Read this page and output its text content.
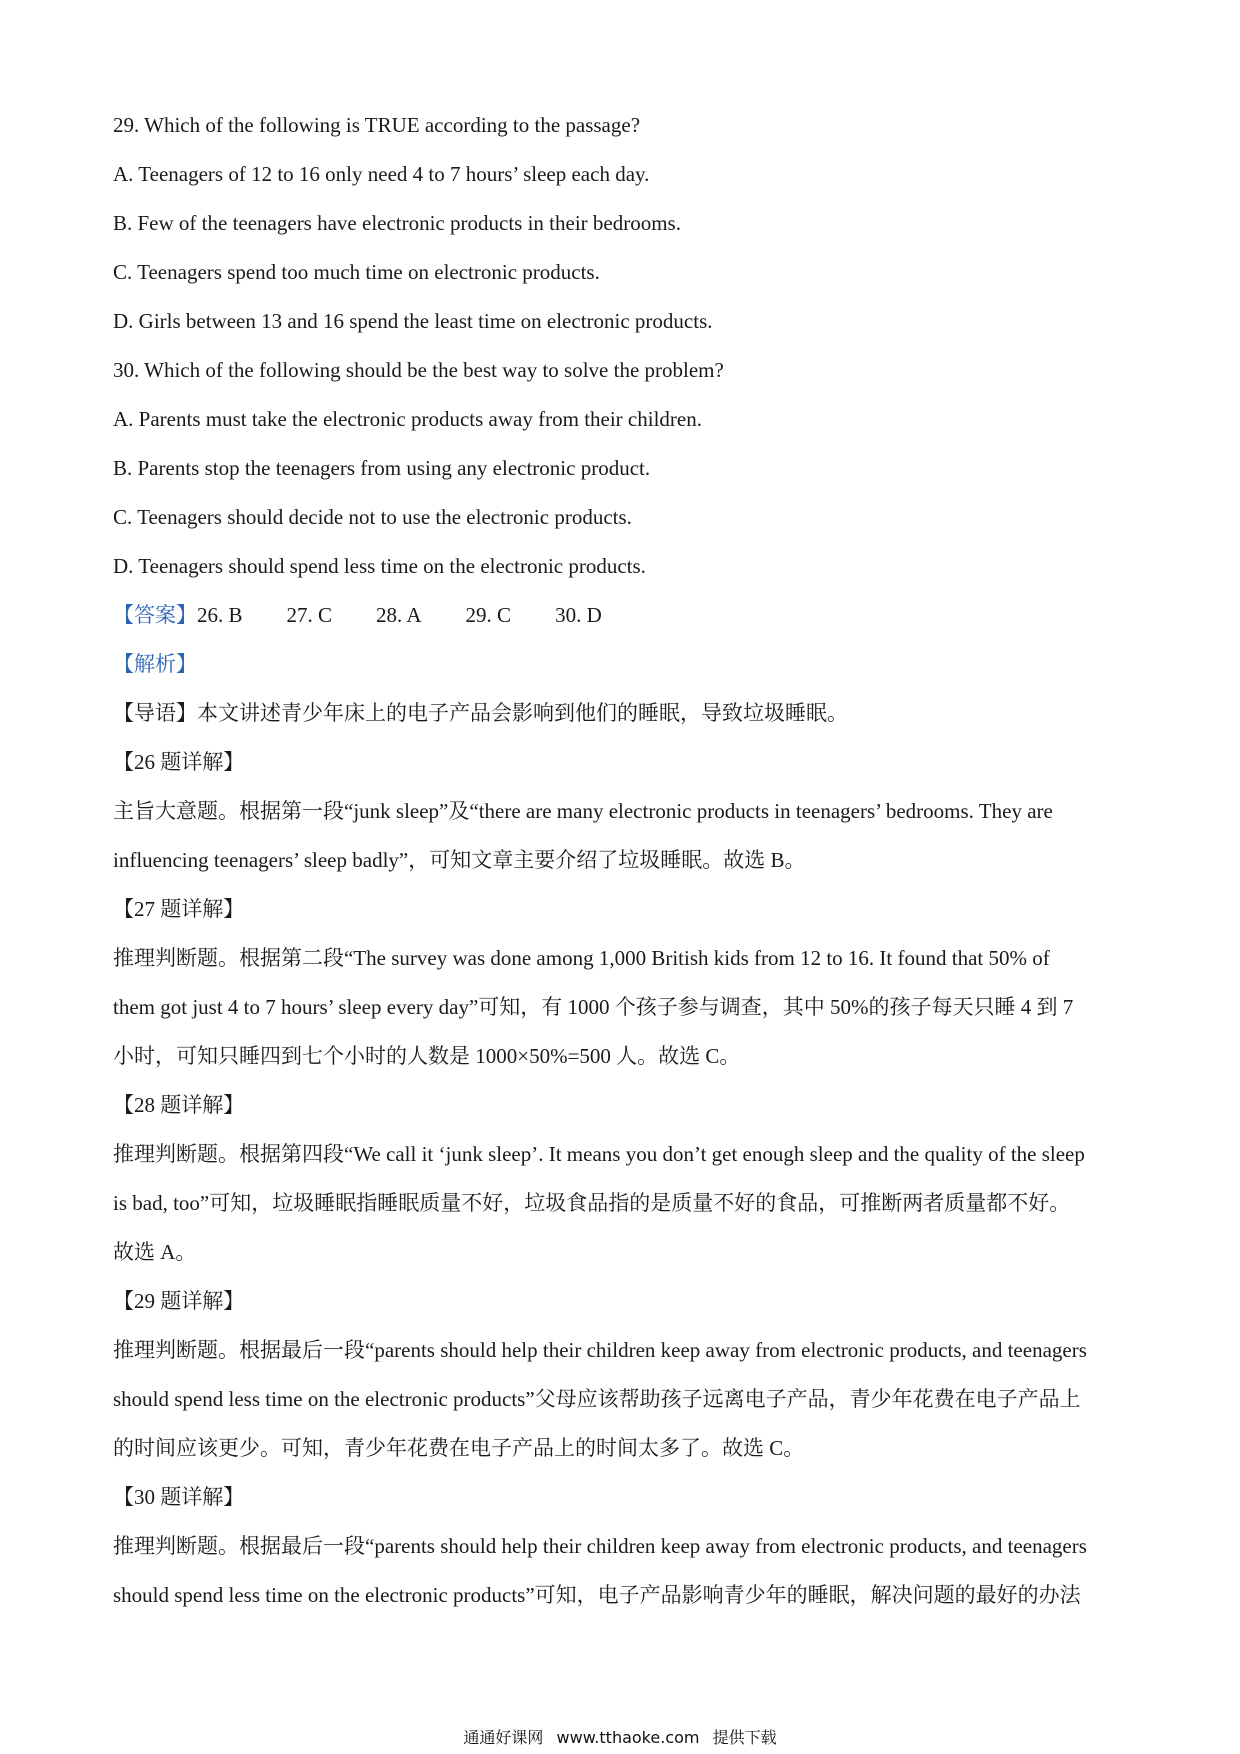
29. Which of the following is TRUE according to the passage?
A. Teenagers of 12 to 16 only need 4 to 7 hours’ sleep each day.
B. Few of the teenagers have electronic products in their bedrooms.
C. Teenagers spend too much time on electronic products.
D. Girls between 13 and 16 spend the least time on electronic products.
30. Which of the following should be the best way to solve the problem?
A. Parents must take the electronic products away from their children.
B. Parents stop the teenagers from using any electronic product.
C. Teenagers should decide not to use the electronic products.
D. Teenagers should spend less time on the electronic products.
【答案】26. B 27. C 28. A 29. C 30. D
【解析】
【导语】本文讲述青少年床上的电子产品会影响到他们的睡眠，导致垃圾睡眠。
【26 题详解】
主旨大意题。根据第一段“junk sleep”及“there are many electronic products in teenagers’ bedrooms. They are
influencing teenagers’ sleep badly”，可知文章主要介绍了垃圾睡眠。故选 B。
【27 题详解】
推理判断题。根据第二段“The survey was done among 1,000 British kids from 12 to 16. It found that 50% of
them got just 4 to 7 hours’ sleep every day”可知，有 1000 个孩子参与调查，其中 50%的孩子每天只睡 4 到 7
小时，可知只睡四到七个小时的人数是 1000×50%=500 人。故选 C。
【28 题详解】
推理判断题。根据第四段“We call it ‘junk sleep’. It means you don’t get enough sleep and the quality of the sleep
is bad, too”可知，垃圾睡眠指睡眠质量不好，垃圾食品指的是质量不好的食品，可推断两者质量都不好。
故选 A。
【29 题详解】
推理判断题。根据最后一段“parents should help their children keep away from electronic products, and teenagers
should spend less time on the electronic products”父母应该帮助孩子远离电子产品，青少年花费在电子产品上
的时间应该更少。可知，青少年花费在电子产品上的时间太多了。故选 C。
【30 题详解】
推理判断题。根据最后一段“parents should help their children keep away from electronic products, and teenagers
should spend less time on the electronic products”可知，电子产品影响青少年的睡眠，解决问题的最好的办法
通通好课网 www.tthaoke.com 提供下载
